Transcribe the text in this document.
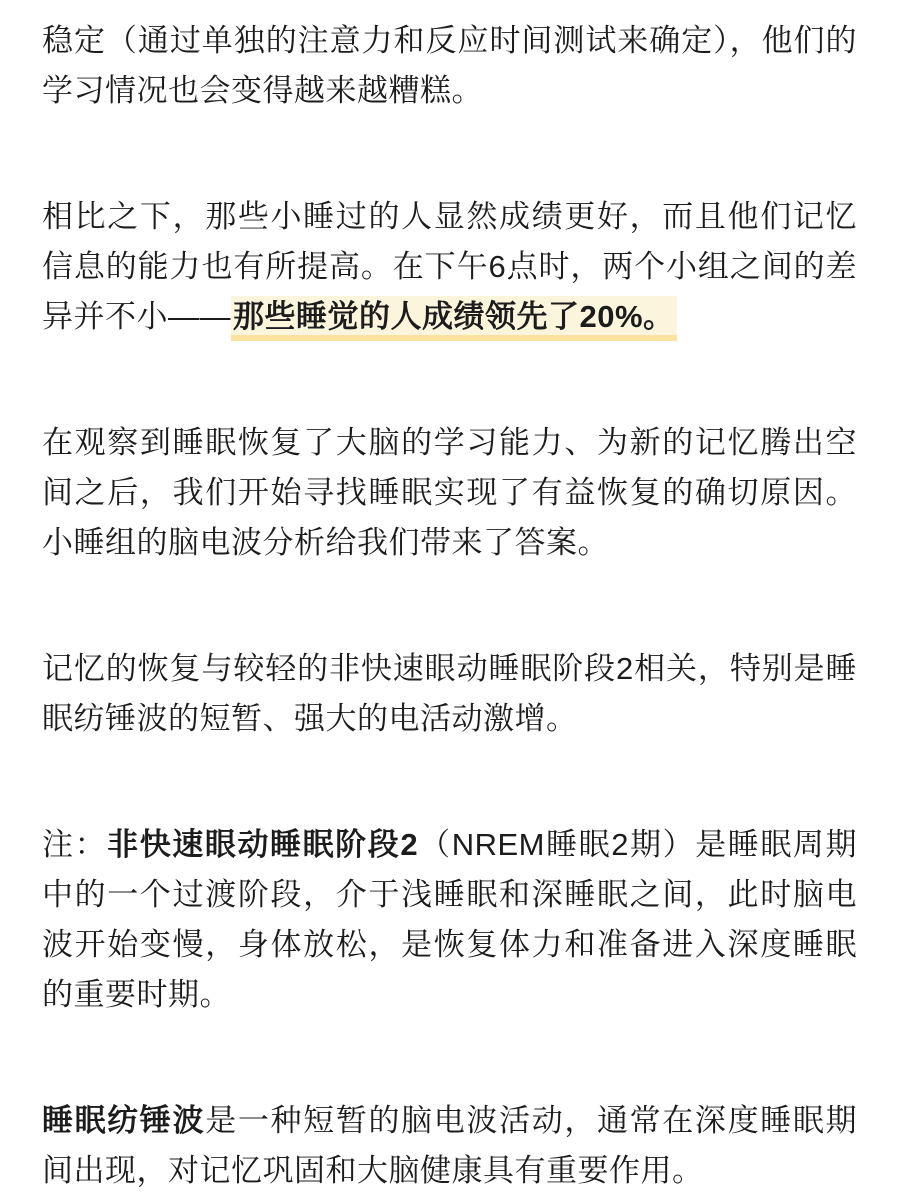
稳定（通过单独的注意力和反应时间测试来确定），他们的学习情况也会变得越来越糟糕。

相比之下，那些小睡过的人显然成绩更好，而且他们记忆信息的能力也有所提高。在下午6点时，两个小组之间的差异并不小——那些睡觉的人成绩领先了20%。

在观察到睡眠恢复了大脑的学习能力、为新的记忆腾出空间之后，我们开始寻找睡眠实现了有益恢复的确切原因。小睡组的脑电波分析给我们带来了答案。

记忆的恢复与较轻的非快速眼动睡眠阶段2相关，特别是睡眠纺锤波的短暂、强大的电活动激增。

注：非快速眼动睡眠阶段2（NREM睡眠2期）是睡眠周期中的一个过渡阶段，介于浅睡眠和深睡眠之间，此时脑电波开始变慢，身体放松，是恢复体力和准备进入深度睡眠的重要时期。

睡眠纺锤波是一种短暂的脑电波活动，通常在深度睡眠期间出现，对记忆巩固和大脑健康具有重要作用。
